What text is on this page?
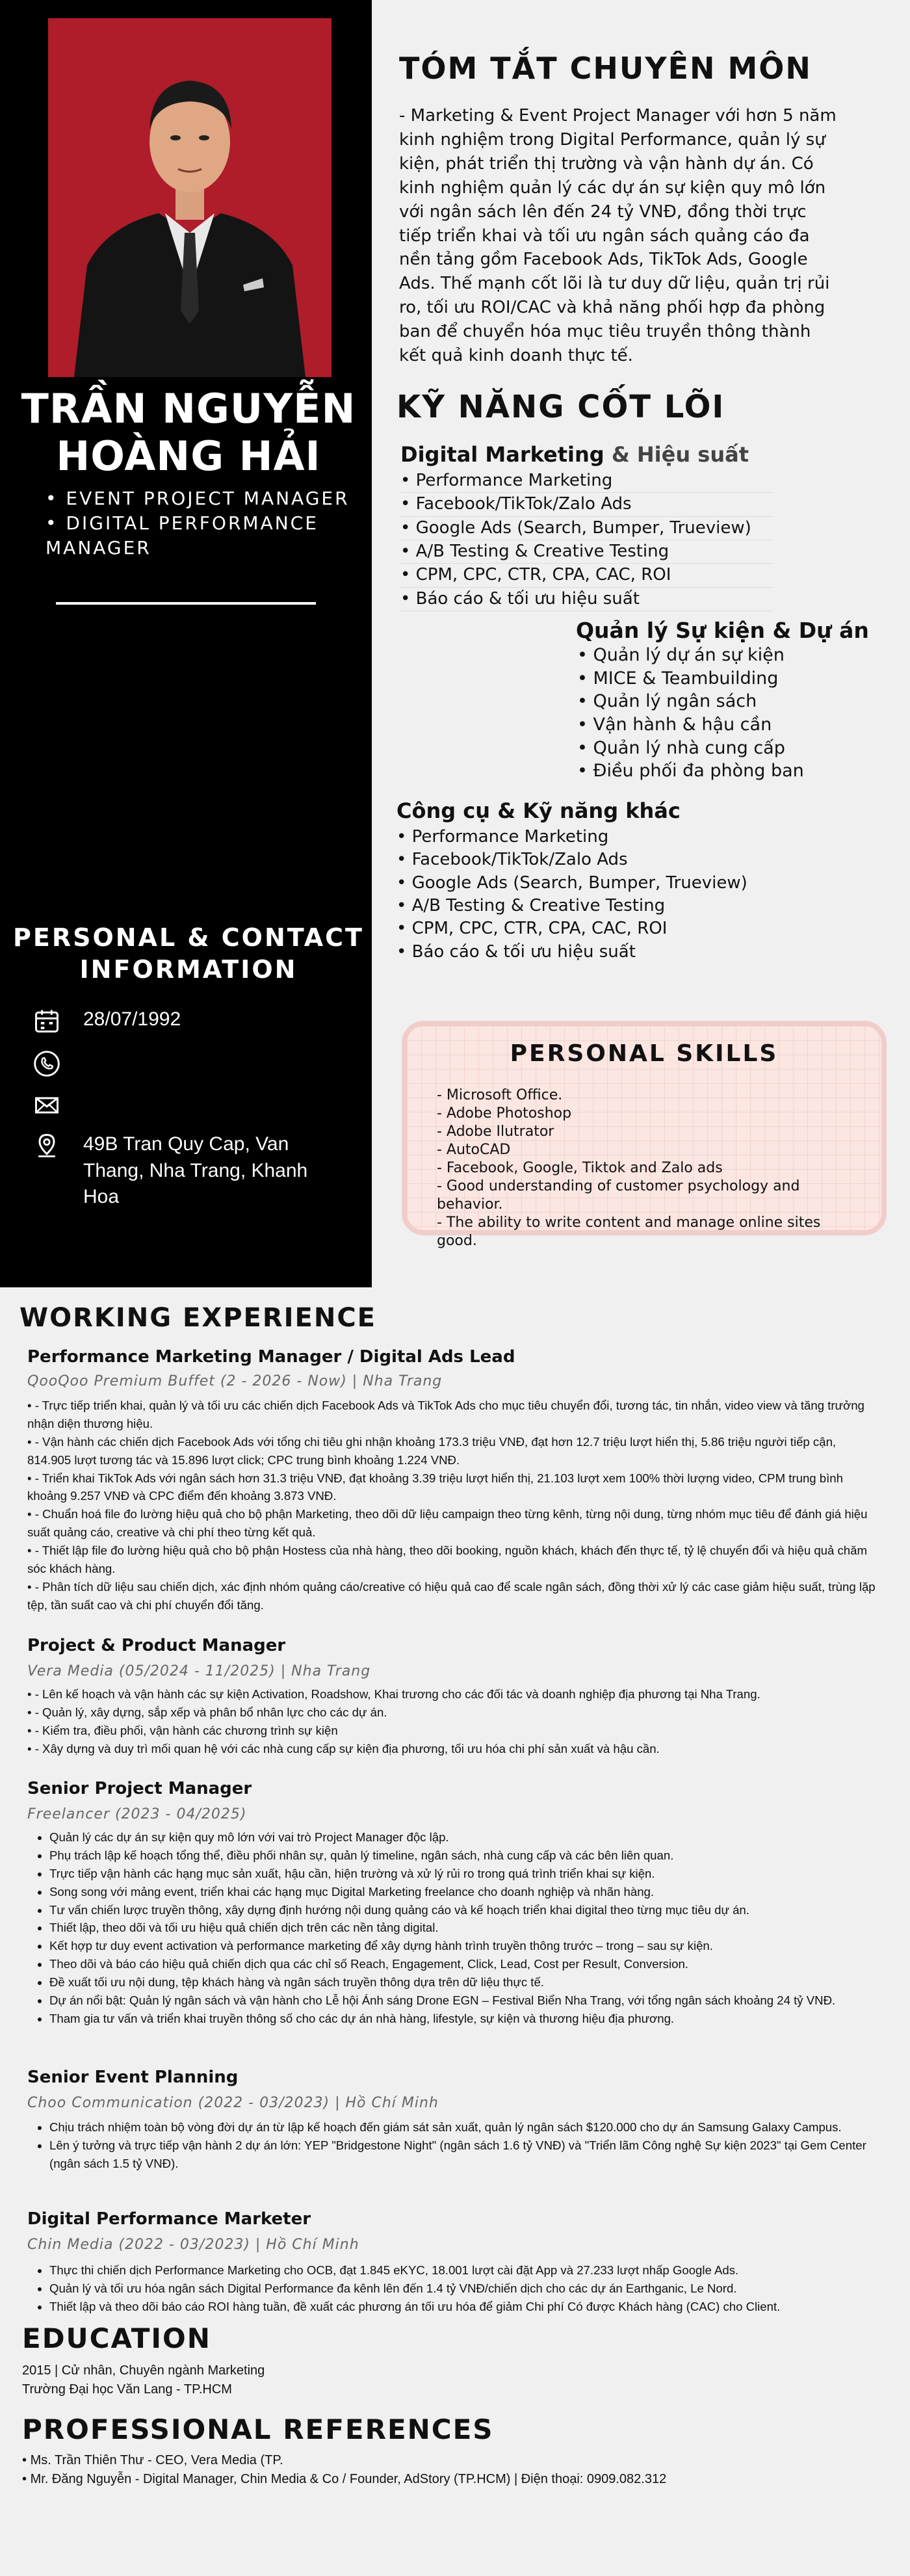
TRẦN NGUYỄN HOÀNG HẢI
• EVENT PROJECT MANAGER
• DIGITAL PERFORMANCE MANAGER
PERSONAL & CONTACT INFORMATION
28/07/1992
49B Tran Quy Cap, Van Thang, Nha Trang, Khanh Hoa
TÓM TẮT CHUYÊN MÔN
- Marketing & Event Project Manager với hơn 5 năm kinh nghiệm trong Digital Performance, quản lý sự kiện, phát triển thị trường và vận hành dự án. Có kinh nghiệm quản lý các dự án sự kiện quy mô lớn với ngân sách lên đến 24 tỷ VNĐ, đồng thời trực tiếp triển khai và tối ưu ngân sách quảng cáo đa nền tảng gồm Facebook Ads, TikTok Ads, Google Ads. Thế mạnh cốt lõi là tư duy dữ liệu, quản trị rủi ro, tối ưu ROI/CAC và khả năng phối hợp đa phòng ban để chuyển hóa mục tiêu truyền thông thành kết quả kinh doanh thực tế.
KỸ NĂNG CỐT LÕI
Digital Marketing & Hiệu suất
• Performance Marketing
• Facebook/TikTok/Zalo Ads
• Google Ads (Search, Bumper, Trueview)
• A/B Testing & Creative Testing
• CPM, CPC, CTR, CPA, CAC, ROI
• Báo cáo & tối ưu hiệu suất
Quản lý Sự kiện & Dự án
• Quản lý dự án sự kiện
• MICE & Teambuilding
• Quản lý ngân sách
• Vận hành & hậu cần
• Quản lý nhà cung cấp
• Điều phối đa phòng ban
Công cụ & Kỹ năng khác
• Performance Marketing
• Facebook/TikTok/Zalo Ads
• Google Ads (Search, Bumper, Trueview)
• A/B Testing & Creative Testing
• CPM, CPC, CTR, CPA, CAC, ROI
• Báo cáo & tối ưu hiệu suất
PERSONAL SKILLS
- Microsoft Office.
- Adobe Photoshop
- Adobe Ilutrator
- AutoCAD
- Facebook, Google, Tiktok and Zalo ads
- Good understanding of customer psychology and behavior.
- The ability to write content and manage online sites good.
WORKING EXPERIENCE
Performance Marketing Manager / Digital Ads Lead
QooQoo Premium Buffet (2 - 2026 - Now) | Nha Trang
• - Trực tiếp triển khai, quản lý và tối ưu các chiến dịch Facebook Ads và TikTok Ads cho mục tiêu chuyển đổi, tương tác, tin nhắn, video view và tăng trưởng nhận diện thương hiệu.
• - Vận hành các chiến dịch Facebook Ads với tổng chi tiêu ghi nhận khoảng 173.3 triệu VNĐ, đạt hơn 12.7 triệu lượt hiển thị, 5.86 triệu người tiếp cận, 814.905 lượt tương tác và 15.896 lượt click; CPC trung bình khoảng 1.224 VNĐ.
• - Triển khai TikTok Ads với ngân sách hơn 31.3 triệu VNĐ, đạt khoảng 3.39 triệu lượt hiển thị, 21.103 lượt xem 100% thời lượng video, CPM trung bình khoảng 9.257 VNĐ và CPC điểm đến khoảng 3.873 VNĐ.
• - Chuẩn hoá file đo lường hiệu quả cho bộ phận Marketing, theo dõi dữ liệu campaign theo từng kênh, từng nội dung, từng nhóm mục tiêu để đánh giá hiệu suất quảng cáo, creative và chi phí theo từng kết quả.
• - Thiết lập file đo lường hiệu quả cho bộ phận Hostess của nhà hàng, theo dõi booking, nguồn khách, khách đến thực tế, tỷ lệ chuyển đổi và hiệu quả chăm sóc khách hàng.
• - Phân tích dữ liệu sau chiến dịch, xác định nhóm quảng cáo/creative có hiệu quả cao để scale ngân sách, đồng thời xử lý các case giảm hiệu suất, trùng lặp tệp, tần suất cao và chi phí chuyển đổi tăng.
Project & Product Manager
Vera Media (05/2024 - 11/2025) | Nha Trang
• - Lên kế hoạch và vận hành các sự kiện Activation, Roadshow, Khai trương cho các đối tác và doanh nghiệp địa phương tại Nha Trang.
• - Quản lý, xây dựng, sắp xếp và phân bổ nhân lực cho các dự án.
• - Kiểm tra, điều phối, vận hành các chương trình sự kiện
• - Xây dựng và duy trì mối quan hệ với các nhà cung cấp sự kiện địa phương, tối ưu hóa chi phí sản xuất và hậu cần.
Senior Project Manager
Freelancer (2023 - 04/2025)
• Quản lý các dự án sự kiện quy mô lớn với vai trò Project Manager độc lập.
• Phụ trách lập kế hoạch tổng thể, điều phối nhân sự, quản lý timeline, ngân sách, nhà cung cấp và các bên liên quan.
• Trực tiếp vận hành các hạng mục sản xuất, hậu cần, hiện trường và xử lý rủi ro trong quá trình triển khai sự kiện.
• Song song với mảng event, triển khai các hạng mục Digital Marketing freelance cho doanh nghiệp và nhãn hàng.
• Tư vấn chiến lược truyền thông, xây dựng định hướng nội dung quảng cáo và kế hoạch triển khai digital theo từng mục tiêu dự án.
• Thiết lập, theo dõi và tối ưu hiệu quả chiến dịch trên các nền tảng digital.
• Kết hợp tư duy event activation và performance marketing để xây dựng hành trình truyền thông trước – trong – sau sự kiện.
• Theo dõi và báo cáo hiệu quả chiến dịch qua các chỉ số Reach, Engagement, Click, Lead, Cost per Result, Conversion.
• Đề xuất tối ưu nội dung, tệp khách hàng và ngân sách truyền thông dựa trên dữ liệu thực tế.
• Dự án nổi bật: Quản lý ngân sách và vận hành cho Lễ hội Ánh sáng Drone EGN – Festival Biển Nha Trang, với tổng ngân sách khoảng 24 tỷ VNĐ.
• Tham gia tư vấn và triển khai truyền thông số cho các dự án nhà hàng, lifestyle, sự kiện và thương hiệu địa phương.
Senior Event Planning
Choo Communication (2022 - 03/2023) | Hồ Chí Minh
• Chịu trách nhiệm toàn bộ vòng đời dự án từ lập kế hoạch đến giám sát sản xuất, quản lý ngân sách $120.000 cho dự án Samsung Galaxy Campus.
• Lên ý tưởng và trực tiếp vận hành 2 dự án lớn: YEP "Bridgestone Night" (ngân sách 1.6 tỷ VNĐ) và "Triển lãm Công nghệ Sự kiện 2023" tại Gem Center (ngân sách 1.5 tỷ VNĐ).
Digital Performance Marketer
Chin Media (2022 - 03/2023) | Hồ Chí Minh
• Thực thi chiến dịch Performance Marketing cho OCB, đạt 1.845 eKYC, 18.001 lượt cài đặt App và 27.233 lượt nhấp Google Ads.
• Quản lý và tối ưu hóa ngân sách Digital Performance đa kênh lên đến 1.4 tỷ VNĐ/chiến dịch cho các dự án Earthganic, Le Nord.
• Thiết lập và theo dõi báo cáo ROI hàng tuần, đề xuất các phương án tối ưu hóa để giảm Chi phí Có được Khách hàng (CAC) cho Client.
EDUCATION
2015 | Cử nhân, Chuyên ngành Marketing
Trường Đại học Văn Lang - TP.HCM
PROFESSIONAL REFERENCES
• Ms. Trần Thiên Thư - CEO, Vera Media (TP.
• Mr. Đăng Nguyễn - Digital Manager, Chin Media & Co / Founder, AdStory (TP.HCM) | Điện thoại: 0909.082.312
